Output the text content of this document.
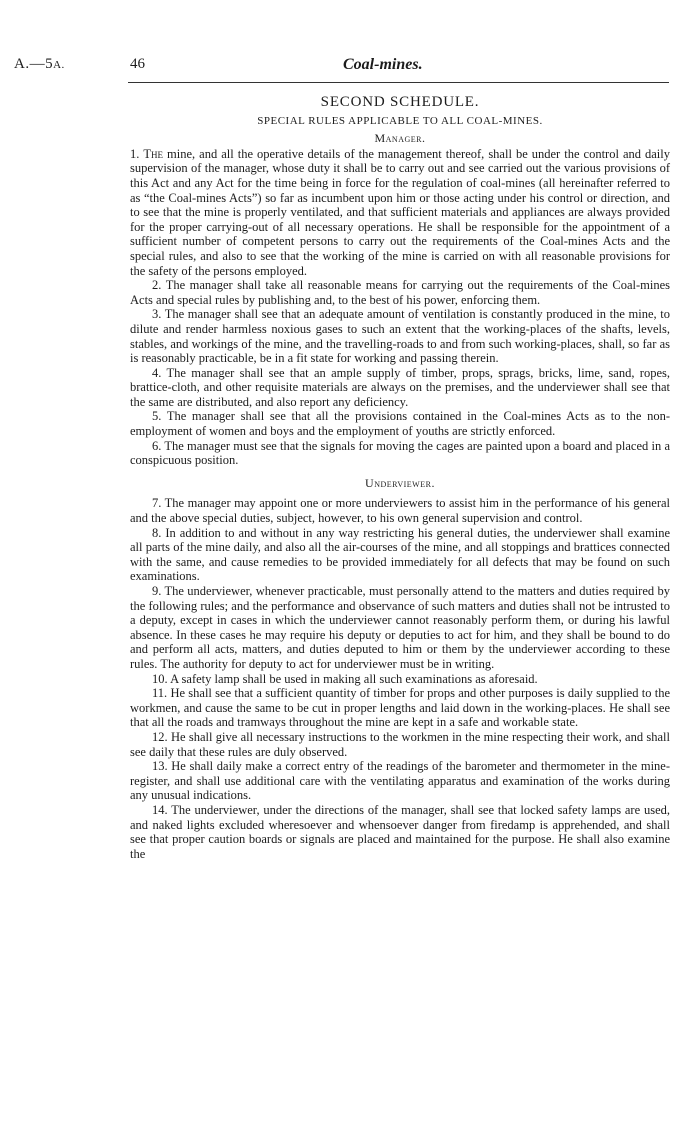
A.—5A.	46	Coal-mines.
SECOND SCHEDULE.
SPECIAL RULES APPLICABLE TO ALL COAL-MINES.
Manager.

1. The mine, and all the operative details of the management thereof, shall be under the control and daily supervision of the manager, whose duty it shall be to carry out and see carried out the various provisions of this Act and any Act for the time being in force for the regulation of coal-mines (all hereinafter referred to as “the Coal-mines Acts”) so far as incumbent upon him or those acting under his control or direction, and to see that the mine is properly ventilated, and that sufficient materials and appliances are always provided for the proper carrying-out of all necessary operations. He shall be responsible for the appointment of a sufficient number of competent persons to carry out the requirements of the Coal-mines Acts and the special rules, and also to see that the working of the mine is carried on with all reasonable provisions for the safety of the persons employed.

2. The manager shall take all reasonable means for carrying out the requirements of the Coal-mines Acts and special rules by publishing and, to the best of his power, enforcing them.

3. The manager shall see that an adequate amount of ventilation is constantly produced in the mine, to dilute and render harmless noxious gases to such an extent that the working-places of the shafts, levels, stables, and workings of the mine, and the travelling-roads to and from such working-places, shall, so far as is reasonably practicable, be in a fit state for working and passing therein.

4. The manager shall see that an ample supply of timber, props, sprags, bricks, lime, sand, ropes, brattice-cloth, and other requisite materials are always on the premises, and the underviewer shall see that the same are distributed, and also report any deficiency.

5. The manager shall see that all the provisions contained in the Coal-mines Acts as to the non-employment of women and boys and the employment of youths are strictly enforced.

6. The manager must see that the signals for moving the cages are painted upon a board and placed in a conspicuous position.

Underviewer.

7. The manager may appoint one or more underviewers to assist him in the performance of his general and the above special duties, subject, however, to his own general supervision and control.

8. In addition to and without in any way restricting his general duties, the underviewer shall examine all parts of the mine daily, and also all the air-courses of the mine, and all stoppings and brattices connected with the same, and cause remedies to be provided immediately for all defects that may be found on such examinations.

9. The underviewer, whenever practicable, must personally attend to the matters and duties required by the following rules; and the performance and observance of such matters and duties shall not be intrusted to a deputy, except in cases in which the underviewer cannot reasonably perform them, or during his lawful absence. In these cases he may require his deputy or deputies to act for him, and they shall be bound to do and perform all acts, matters, and duties deputed to him or them by the underviewer according to these rules. The authority for deputy to act for underviewer must be in writing.

10. A safety lamp shall be used in making all such examinations as aforesaid.

11. He shall see that a sufficient quantity of timber for props and other purposes is daily supplied to the workmen, and cause the same to be cut in proper lengths and laid down in the working-places. He shall see that all the roads and tramways throughout the mine are kept in a safe and workable state.

12. He shall give all necessary instructions to the workmen in the mine respecting their work, and shall see daily that these rules are duly observed.

13. He shall daily make a correct entry of the readings of the barometer and thermometer in the mine-register, and shall use additional care with the ventilating apparatus and examination of the works during any unusual indications.

14. The underviewer, under the directions of the manager, shall see that locked safety lamps are used, and naked lights excluded wheresoever and whensoever danger from firedamp is apprehended, and shall see that proper caution boards or signals are placed and maintained for the purpose. He shall also examine the
